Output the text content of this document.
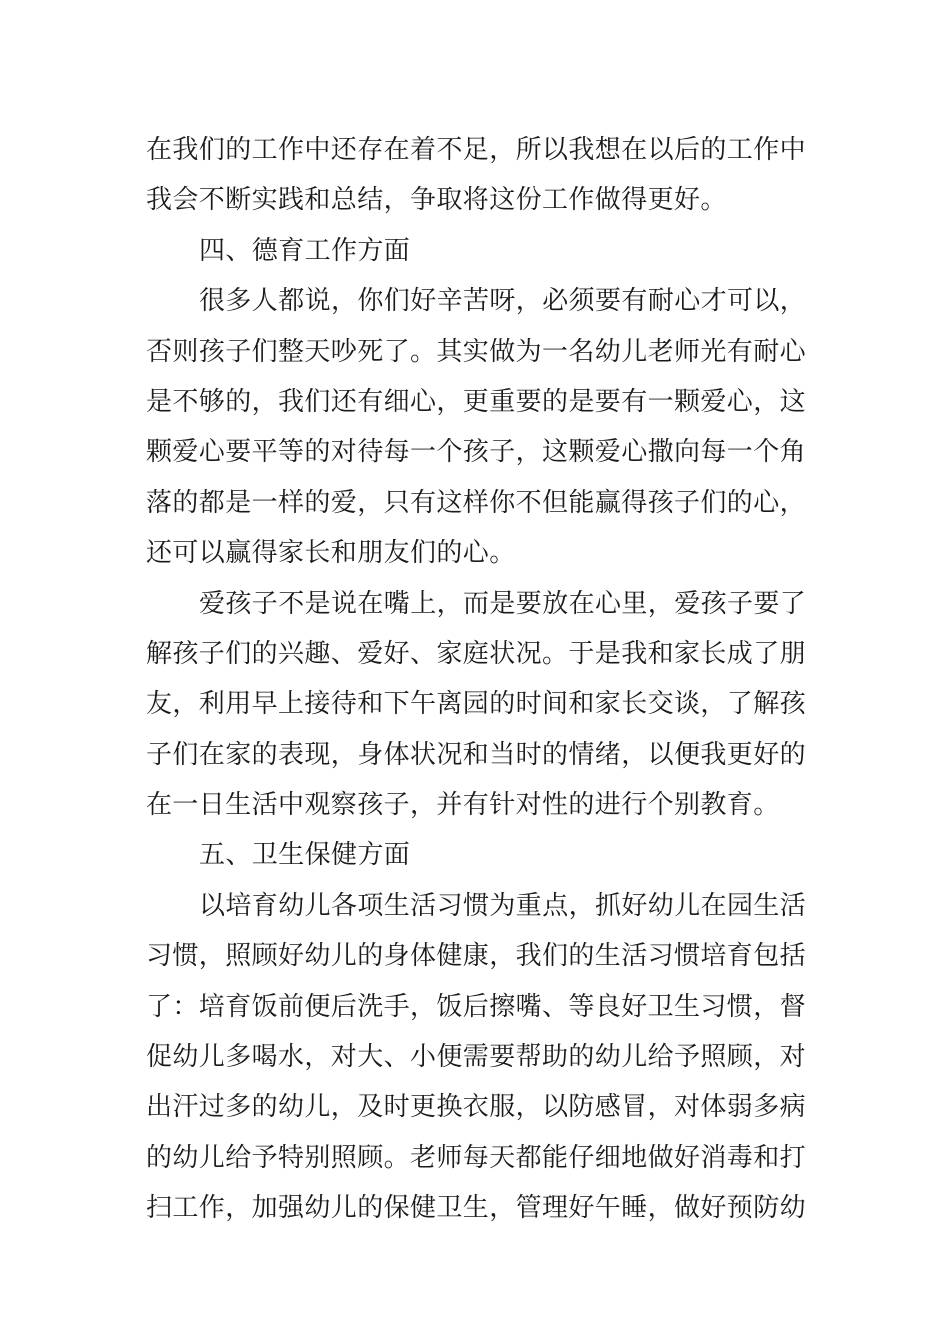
在我们的工作中还存在着不足，所以我想在以后的工作中
我会不断实践和总结，争取将这份工作做得更好。
四、德育工作方面
很多人都说，你们好辛苦呀，必须要有耐心才可以，
否则孩子们整天吵死了。其实做为一名幼儿老师光有耐心
是不够的，我们还有细心，更重要的是要有一颗爱心，这
颗爱心要平等的对待每一个孩子，这颗爱心撒向每一个角
落的都是一样的爱，只有这样你不但能赢得孩子们的心，
还可以赢得家长和朋友们的心。
爱孩子不是说在嘴上，而是要放在心里，爱孩子要了
解孩子们的兴趣、爱好、家庭状况。于是我和家长成了朋
友，利用早上接待和下午离园的时间和家长交谈，了解孩
子们在家的表现，身体状况和当时的情绪，以便我更好的
在一日生活中观察孩子，并有针对性的进行个别教育。
五、卫生保健方面
以培育幼儿各项生活习惯为重点，抓好幼儿在园生活
习惯，照顾好幼儿的身体健康，我们的生活习惯培育包括
了：培育饭前便后洗手，饭后擦嘴、等良好卫生习惯，督
促幼儿多喝水，对大、小便需要帮助的幼儿给予照顾，对
出汗过多的幼儿，及时更换衣服，以防感冒，对体弱多病
的幼儿给予特别照顾。老师每天都能仔细地做好消毒和打
扫工作，加强幼儿的保健卫生，管理好午睡，做好预防幼
